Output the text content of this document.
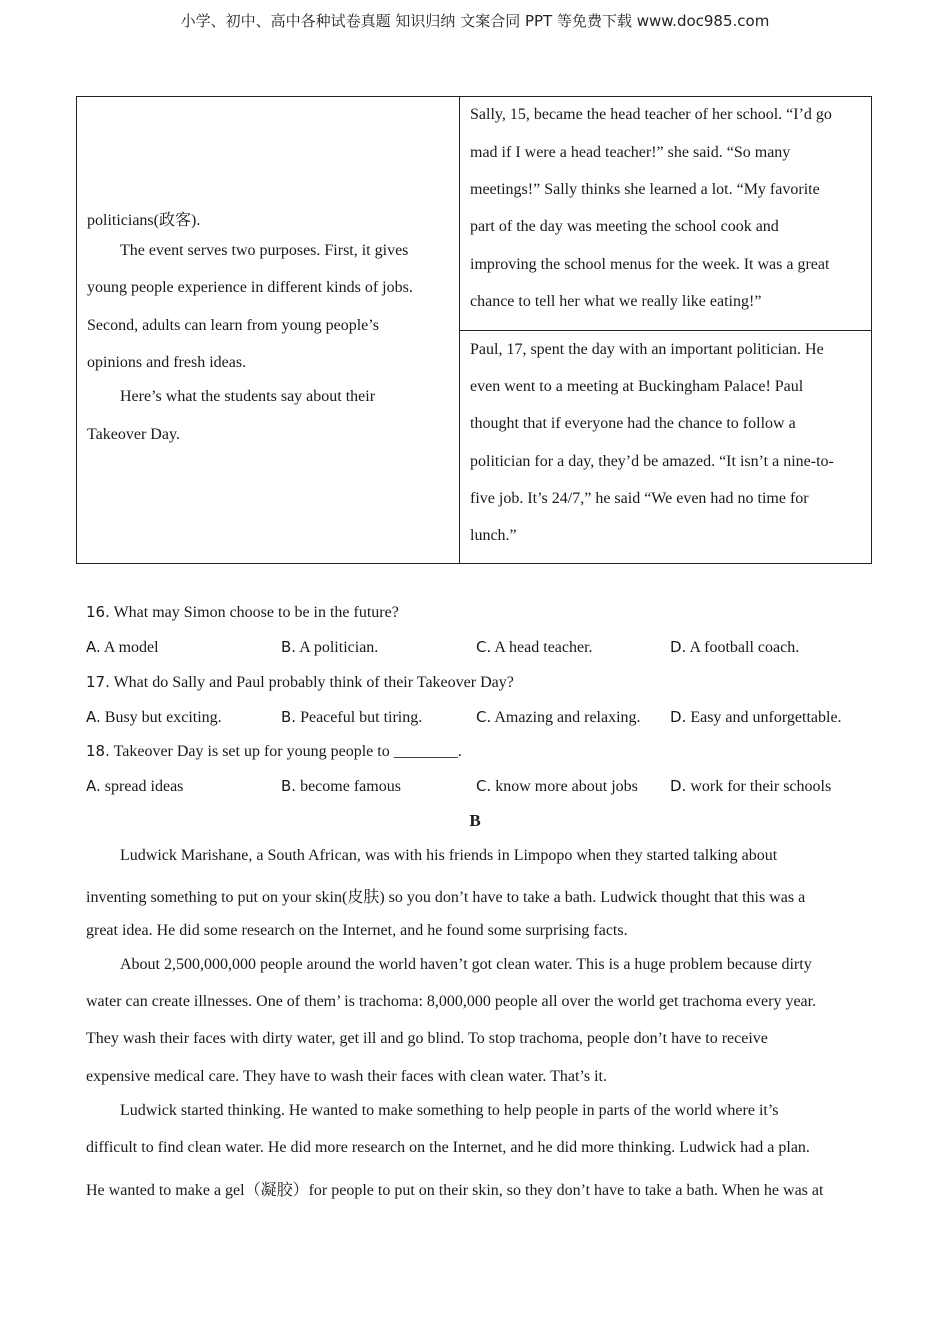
小学、初中、高中各种试卷真题 知识归纳 文案合同 PPT 等免费下载 www.doc985.com
politicians(政客).
The event serves two purposes. First, it gives
young people experience in different kinds of jobs.
Second, adults can learn from young people’s
opinions and fresh ideas.
Here’s what the students say about their
Takeover Day.
Sally, 15, became the head teacher of her school. “I’d go
mad if I were a head teacher!” she said. “So many
meetings!” Sally thinks she learned a lot. “My favorite
part of the day was meeting the school cook and
improving the school menus for the week. It was a great
chance to tell her what we really like eating!”
Paul, 17, spent the day with an important politician. He
even went to a meeting at Buckingham Palace! Paul
thought that if everyone had the chance to follow a
politician for a day, they’d be amazed. “It isn’t a nine-to-
five job. It’s 24/7,” he said “We even had no time for
lunch.”
16. What may Simon choose to be in the future?
A. A model	B. A politician.	C. A head teacher.	D. A football coach.
17. What do Sally and Paul probably think of their Takeover Day?
A. Busy but exciting.	B. Peaceful but tiring.	C. Amazing and relaxing. D. Easy and unforgettable.
18. Takeover Day is set up for young people to ________.
A. spread ideas	B. become famous	C. know more about jobs D. work for their schools
B
Ludwick Marishane, a South African, was with his friends in Limpopo when they started talking about
inventing something to put on your skin(皮肤) so you don’t have to take a bath. Ludwick thought that this was a
great idea. He did some research on the Internet, and he found some surprising facts.
About 2,500,000,000 people around the world haven’t got clean water. This is a huge problem because dirty
water can create illnesses. One of them’ is trachoma: 8,000,000 people all over the world get trachoma every year.
They wash their faces with dirty water, get ill and go blind. To stop trachoma, people don’t have to receive
expensive medical care. They have to wash their faces with clean water. That’s it.
Ludwick started thinking. He wanted to make something to help people in parts of the world where it’s
difficult to find clean water. He did more research on the Internet, and he did more thinking. Ludwick had a plan.
He wanted to make a gel（凝胶）for people to put on their skin, so they don’t have to take a bath. When he was at
